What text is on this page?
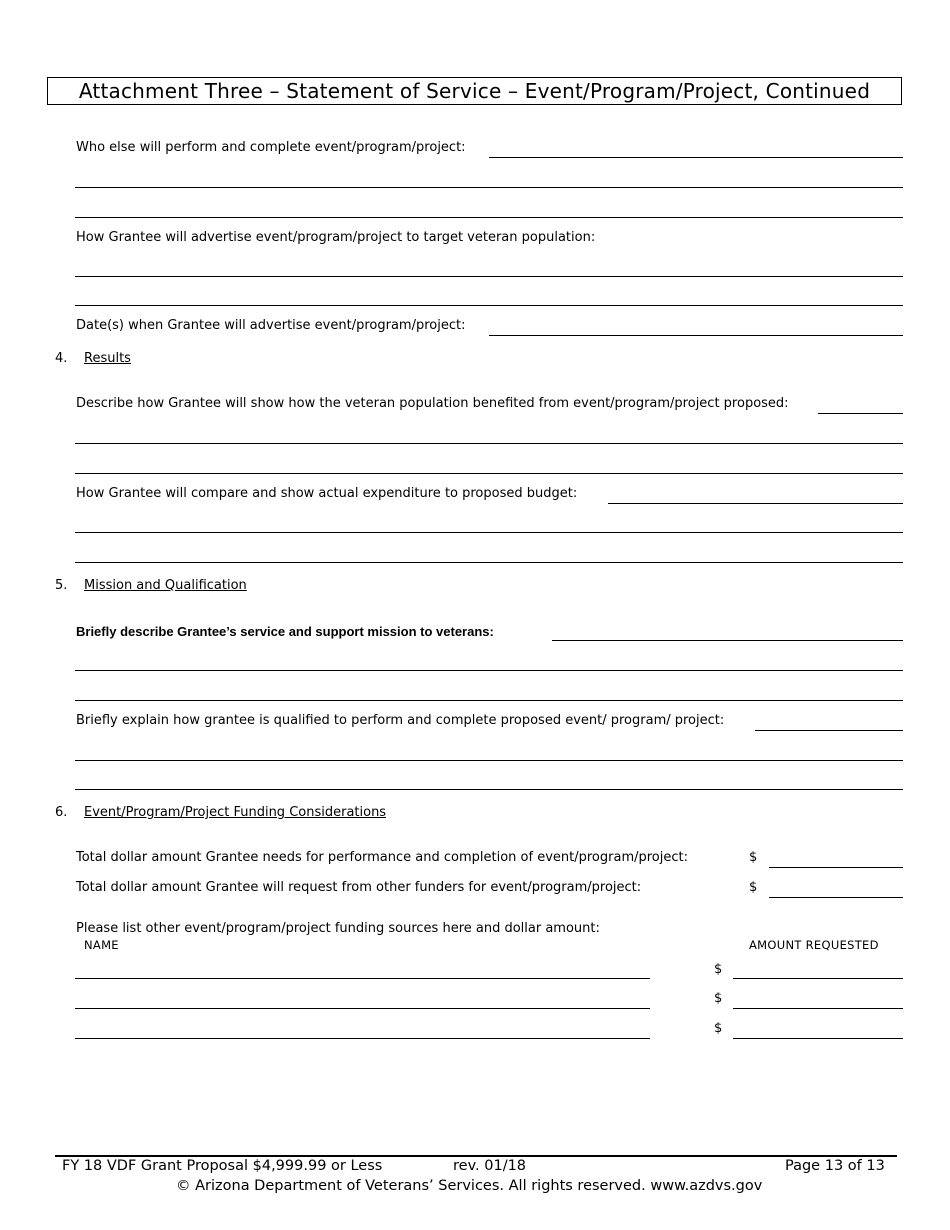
Attachment Three – Statement of Service – Event/Program/Project, Continued
Who else will perform and complete event/program/project:
How Grantee will advertise event/program/project to target veteran population:
Date(s) when Grantee will advertise event/program/project:
4. Results
Describe how Grantee will show how the veteran population benefited from event/program/project proposed:
How Grantee will compare and show actual expenditure to proposed budget:
5. Mission and Qualification
Briefly describe Grantee’s service and support mission to veterans:
Briefly explain how grantee is qualified to perform and complete proposed event/ program/ project:
6. Event/Program/Project Funding Considerations
Total dollar amount Grantee needs for performance and completion of event/program/project:	$
Total dollar amount Grantee will request from other funders for event/program/project:	$
Please list other event/program/project funding sources here and dollar amount:
NAME	AMOUNT REQUESTED
$
$
$
FY 18 VDF Grant Proposal $4,999.99 or Less	rev. 01/18	Page 13 of 13
© Arizona Department of Veterans’ Services. All rights reserved. www.azdvs.gov
